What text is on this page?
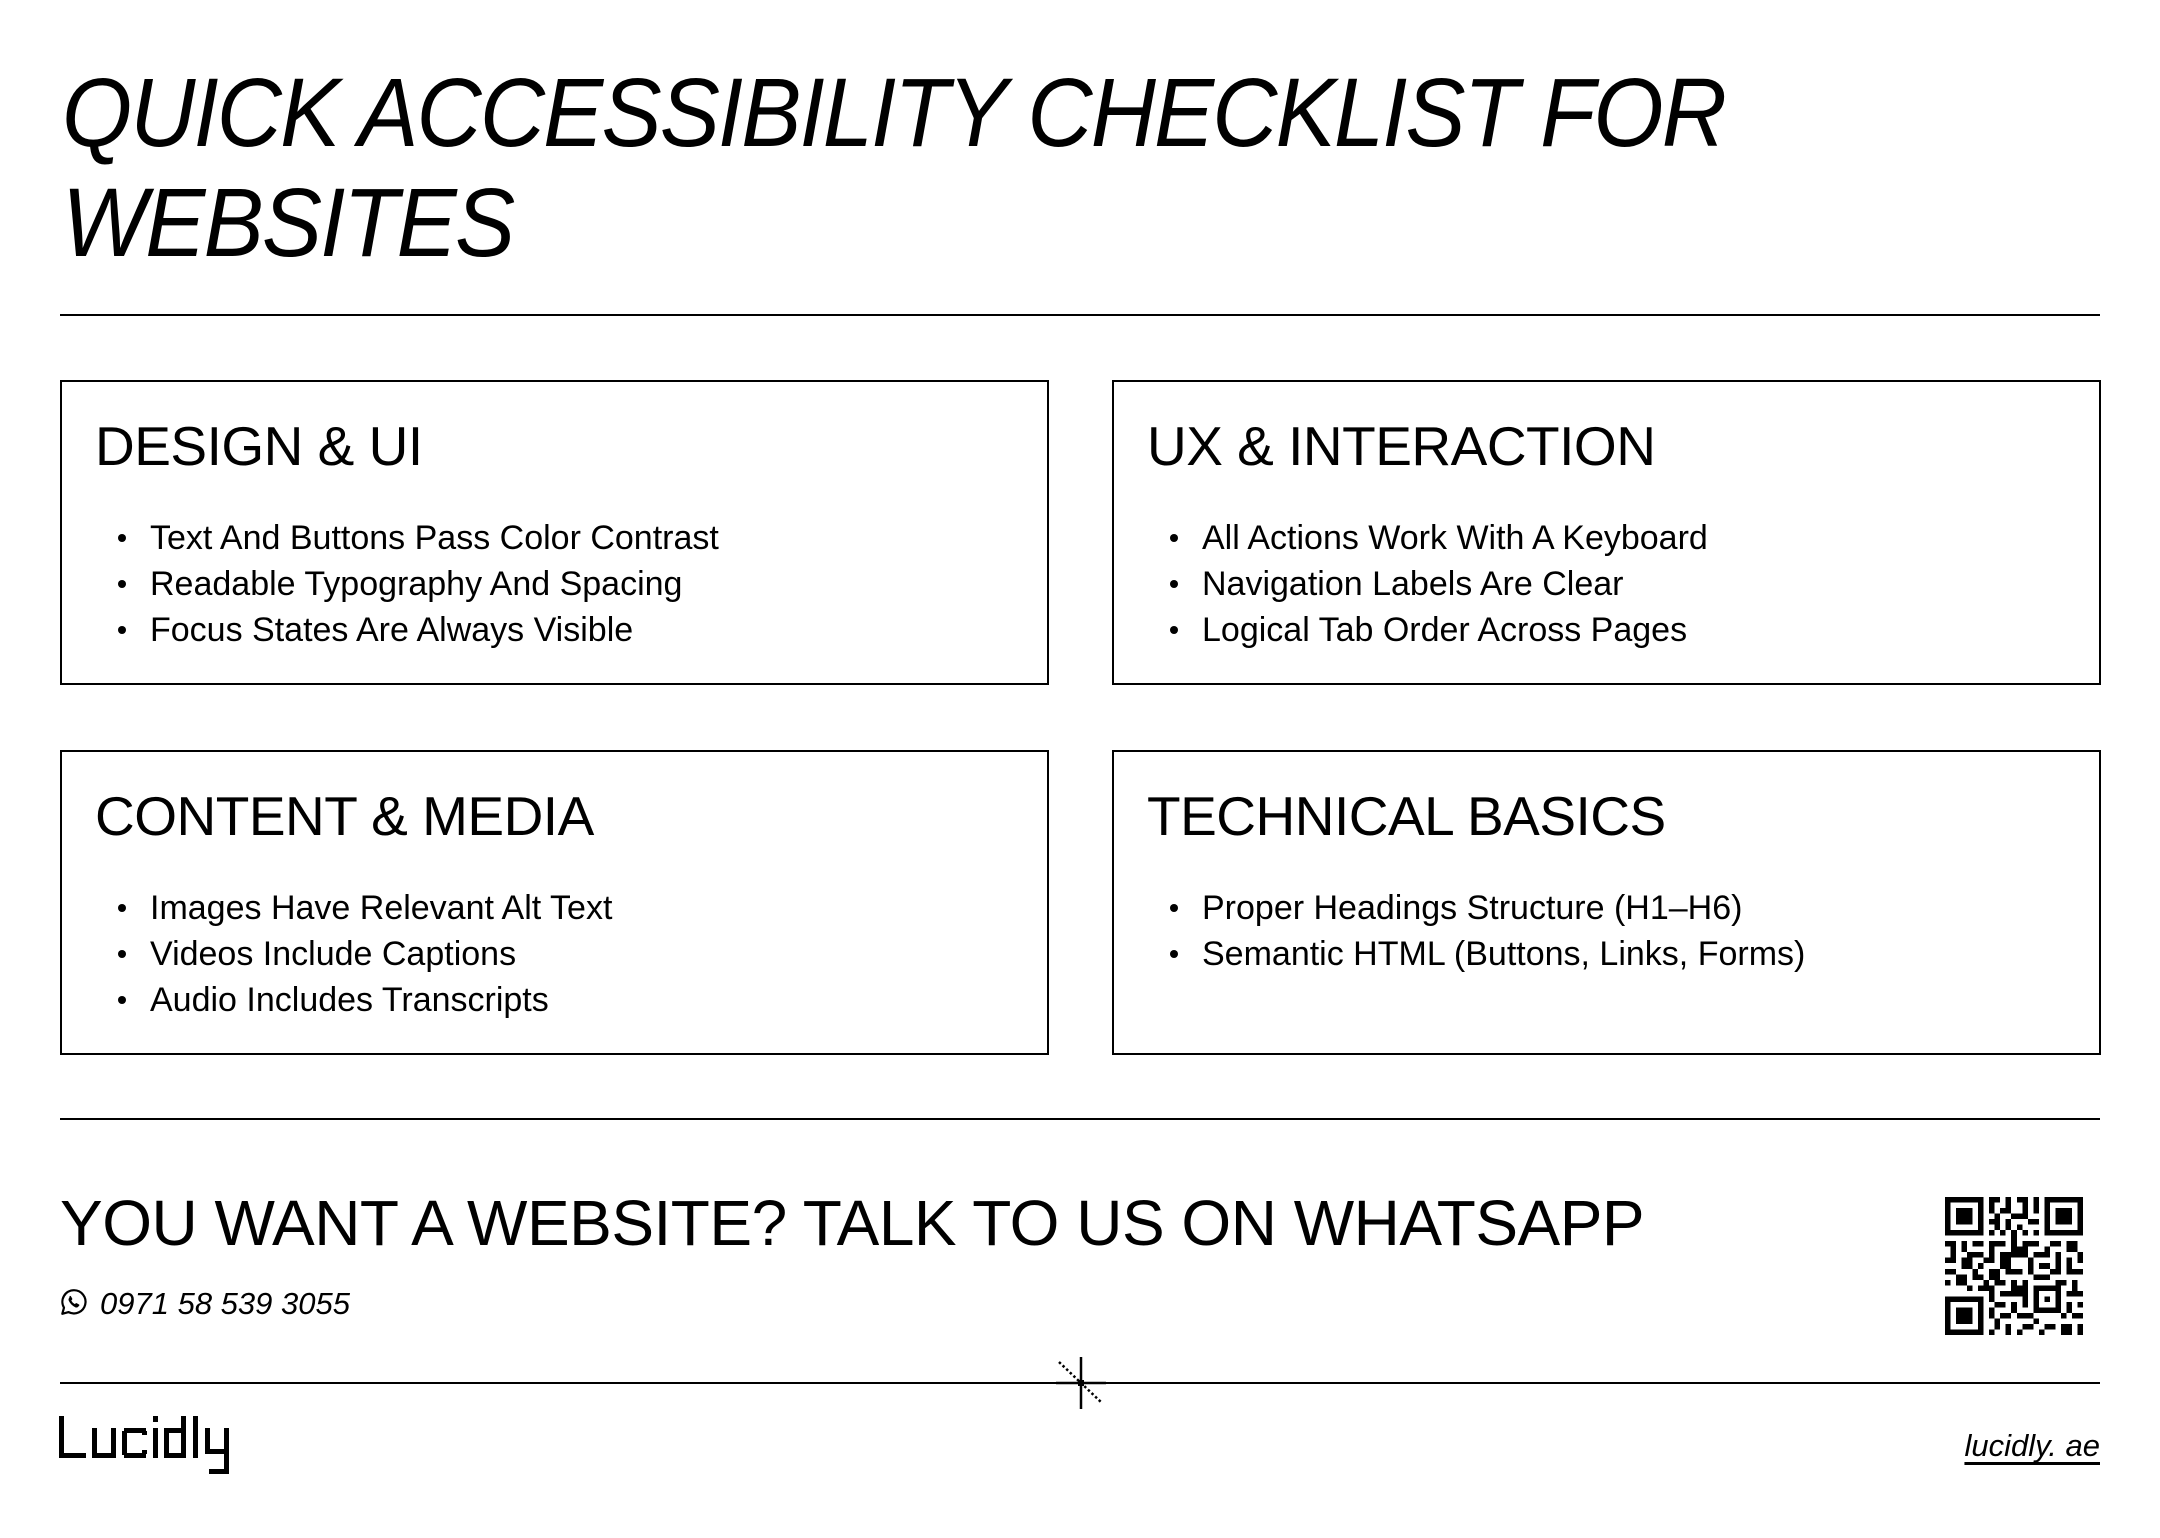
QUICK ACCESSIBILITY CHECKLIST FOR
WEBSITES
DESIGN & UI
Text And Buttons Pass Color Contrast
Readable Typography And Spacing
Focus States Are Always Visible
UX & INTERACTION
All Actions Work With A Keyboard
Navigation Labels Are Clear
Logical Tab Order Across Pages
CONTENT & MEDIA
Images Have Relevant Alt Text
Videos Include Captions
Audio Includes Transcripts
TECHNICAL BASICS
Proper Headings Structure (H1–H6)
Semantic HTML (Buttons, Links, Forms)
YOU WANT A WEBSITE? TALK TO US ON WHATSAPP
0971 58 539 3055
lucidly. ae
